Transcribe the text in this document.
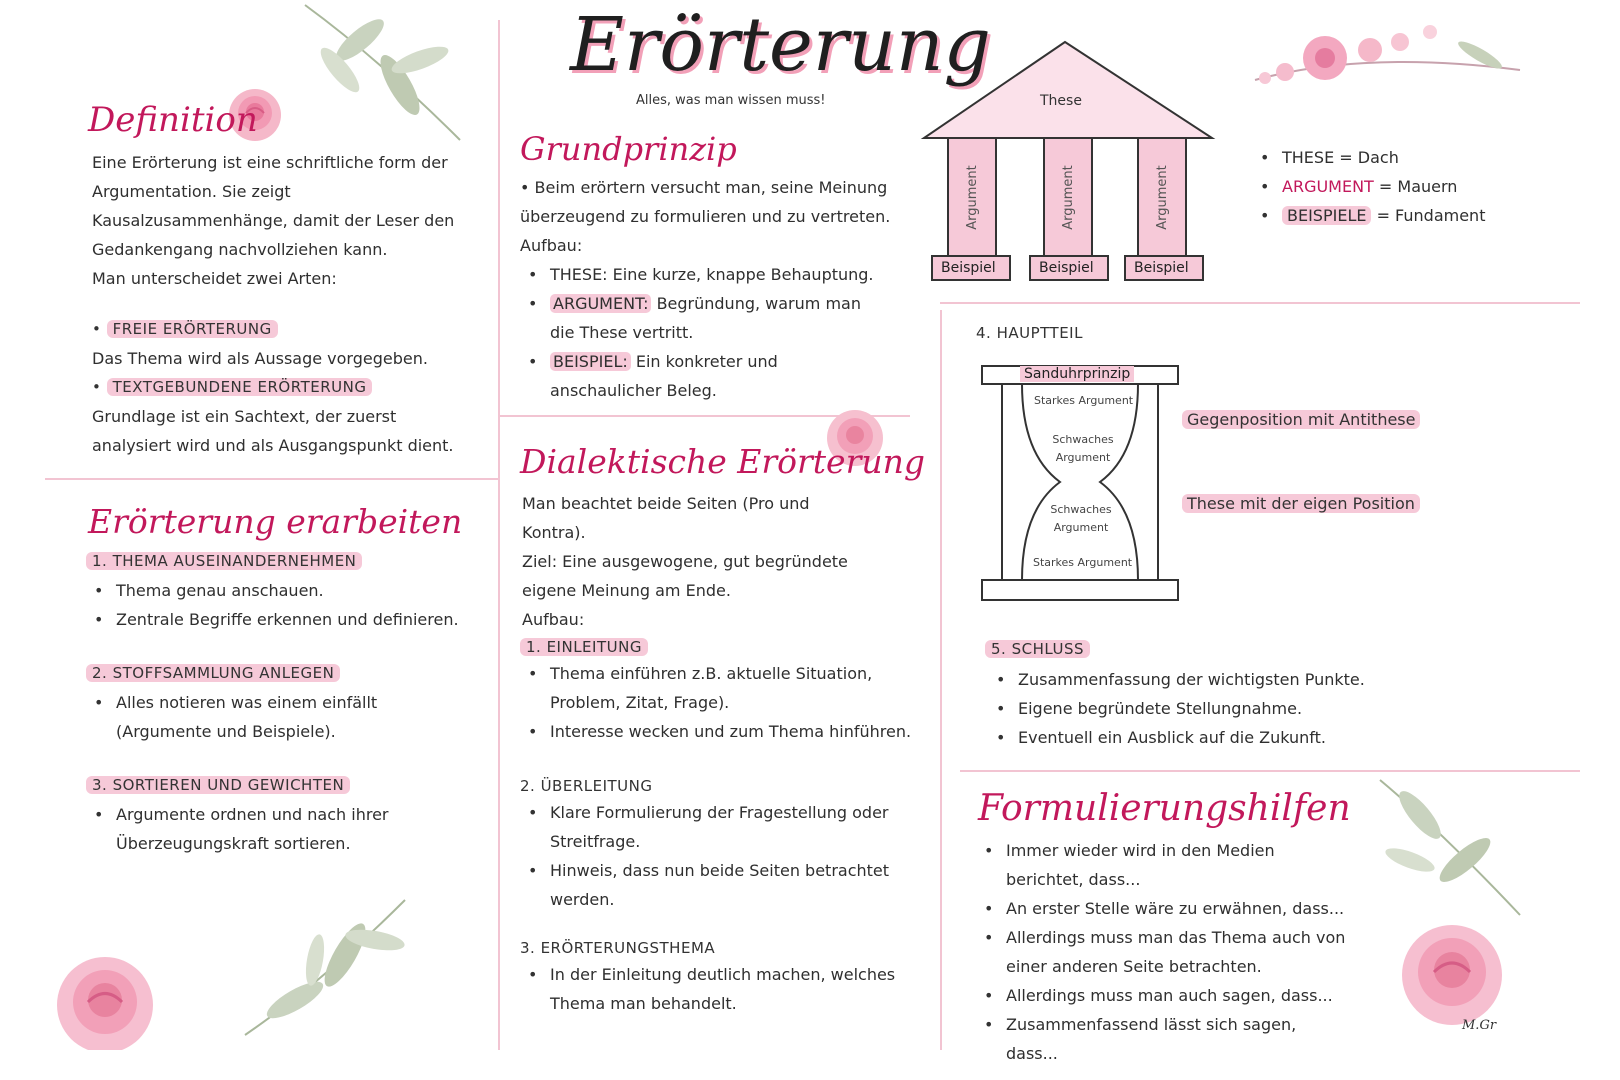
Erörterung
Alles, was man wissen muss!
Definition
Eine Erörterung ist eine schriftliche form der
Argumentation. Sie zeigt
Kausalzusammenhänge, damit der Leser den
Gedankengang nachvollziehen kann.
Man unterscheidet zwei Arten:
• FREIE ERÖRTERUNG
Das Thema wird als Aussage vorgegeben.
• TEXTGEBUNDENE ERÖRTERUNG
Grundlage ist ein Sachtext, der zuerst
analysiert wird und als Ausgangspunkt dient.
Erörterung erarbeiten
1. THEMA AUSEINANDERNEHMEN
• Thema genau anschauen.
• Zentrale Begriffe erkennen und definieren.
2. STOFFSAMMLUNG ANLEGEN
• Alles notieren was einem einfällt (Argumente und Beispiele).
3. SORTIEREN UND GEWICHTEN
• Argumente ordnen und nach ihrer Überzeugungskraft sortieren.
Grundprinzip
• Beim erörtern versucht man, seine Meinung
überzeugend zu formulieren und zu vertreten.
Aufbau:
• THESE: Eine kurze, knappe Behauptung.
• ARGUMENT: Begründung, warum man die These vertritt.
• BEISPIEL: Ein konkreter und anschaulicher Beleg.
These
Argument	Argument	Argument
Beispiel	Beispiel	Beispiel
• THESE = Dach
• ARGUMENT = Mauern
• BEISPIELE = Fundament
Dialektische Erörterung
Man beachtet beide Seiten (Pro und
Kontra).
Ziel: Eine ausgewogene, gut begründete
eigene Meinung am Ende.
Aufbau:
1. EINLEITUNG
• Thema einführen z.B. aktuelle Situation, Problem, Zitat, Frage).
• Interesse wecken und zum Thema hinführen.
2. ÜBERLEITUNG
• Klare Formulierung der Fragestellung oder Streitfrage.
• Hinweis, dass nun beide Seiten betrachtet werden.
3. ERÖRTERUNGSTHEMA
• In der Einleitung deutlich machen, welches Thema man behandelt.
4. HAUPTTEIL
Sanduhrprinzip
Starkes Argument
Schwaches Argument
Schwaches Argument
Starkes Argument
Gegenposition mit Antithese
These mit der eigen Position
5. SCHLUSS
• Zusammenfassung der wichtigsten Punkte.
• Eigene begründete Stellungnahme.
• Eventuell ein Ausblick auf die Zukunft.
Formulierungshilfen
• Immer wieder wird in den Medien berichtet, dass...
• An erster Stelle wäre zu erwähnen, dass...
• Allerdings muss man das Thema auch von einer anderen Seite betrachten.
• Allerdings muss man auch sagen, dass...
• Zusammenfassend lässt sich sagen, dass...
M.Gr
